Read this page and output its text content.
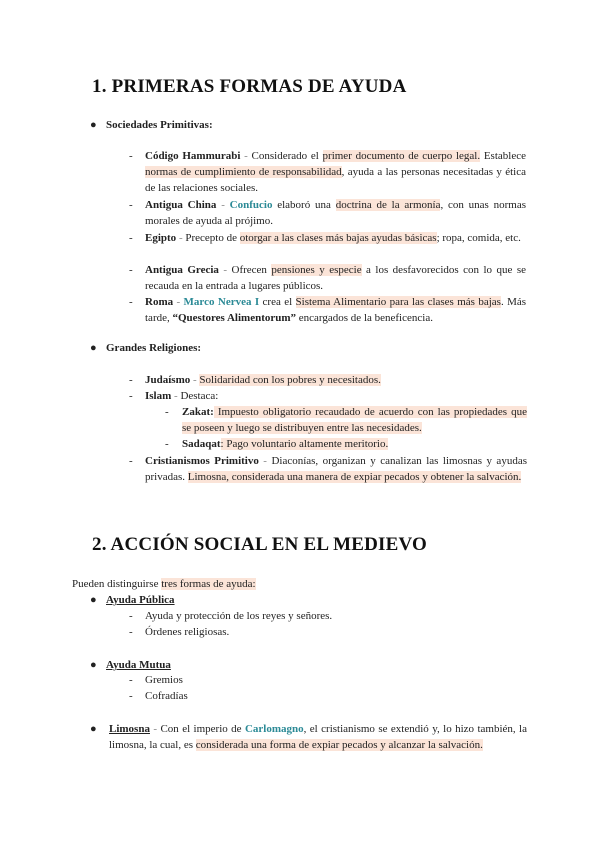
1. PRIMERAS FORMAS DE AYUDA
● Sociedades Primitivas:
- Código Hammurabi - Considerado el primer documento de cuerpo legal. Establece normas de cumplimiento de responsabilidad, ayuda a las personas necesitadas y ética de las relaciones sociales.
- Antigua China - Confucio elaboró una doctrina de la armonía, con unas normas morales de ayuda al prójimo.
- Egipto - Precepto de otorgar a las clases más bajas ayudas básicas; ropa, comida, etc.
- Antigua Grecia - Ofrecen pensiones y especie a los desfavorecidos con lo que se recauda en la entrada a lugares públicos.
- Roma - Marco Nervea I crea el Sistema Alimentario para las clases más bajas. Más tarde, “Questores Alimentorum” encargados de la beneficencia.
● Grandes Religiones:
- Judaísmo - Solidaridad con los pobres y necesitados.
- Islam - Destaca:
- Zakat: Impuesto obligatorio recaudado de acuerdo con las propiedades que se poseen y luego se distribuyen entre las necesidades.
- Sadaqat: Pago voluntario altamente meritorio.
- Cristianismos Primitivo - Diaconías, organizan y canalizan las limosnas y ayudas privadas. Limosna, considerada una manera de expiar pecados y obtener la salvación.
2. ACCIÓN SOCIAL EN EL MEDIEVO
Pueden distinguirse tres formas de ayuda:
● Ayuda Pública
- Ayuda y protección de los reyes y señores.
- Órdenes religiosas.
● Ayuda Mutua
- Gremios
- Cofradías
● Limosna - Con el imperio de Carlomagno, el cristianismo se extendió y, lo hizo también, la limosna, la cual, es considerada una forma de expiar pecados y alcanzar la salvación.
